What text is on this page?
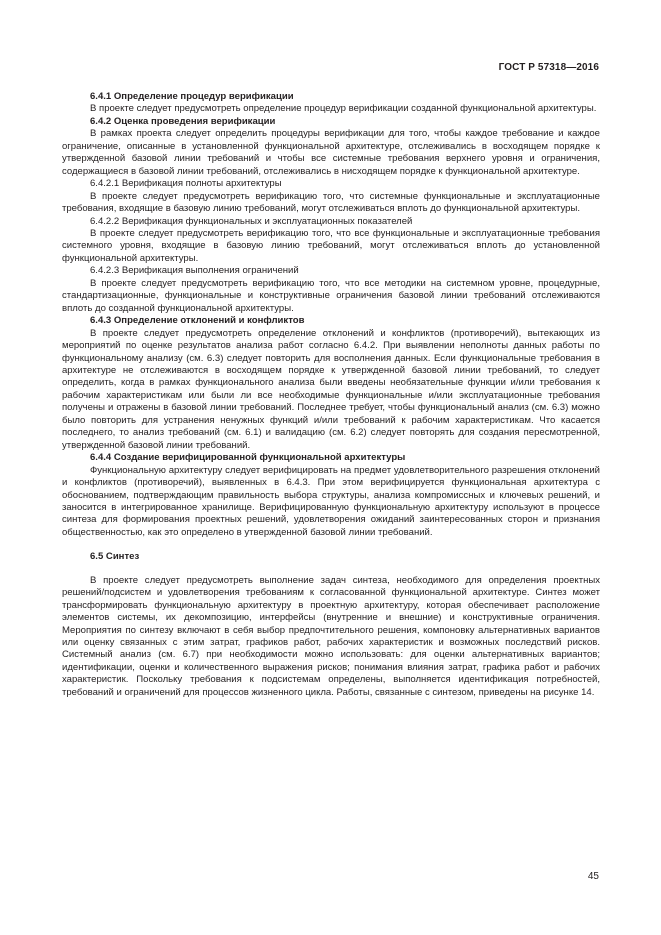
ГОСТ Р 57318—2016

6.4.1 Определение процедур верификации

В проекте следует предусмотреть определение процедур верификации созданной функциональной архитектуры.

6.4.2 Оценка проведения верификации

В рамках проекта следует определить процедуры верификации для того, чтобы каждое требование и каждое ограничение, описанные в установленной функциональной архитектуре, отслеживались в восходящем порядке к утвержденной базовой линии требований и чтобы все системные требования верхнего уровня и ограничения, содержащиеся в базовой линии требований, отслеживались в нисходящем порядке к функциональной архитектуре.

6.4.2.1 Верификация полноты архитектуры

В проекте следует предусмотреть верификацию того, что системные функциональные и эксплуатационные требования, входящие в базовую линию требований, могут отслеживаться вплоть до функциональной архитектуры.

6.4.2.2 Верификация функциональных и эксплуатационных показателей

В проекте следует предусмотреть верификацию того, что все функциональные и эксплуатационные требования системного уровня, входящие в базовую линию требований, могут отслеживаться вплоть до установленной функциональной архитектуры.

6.4.2.3 Верификация выполнения ограничений

В проекте следует предусмотреть верификацию того, что все методики на системном уровне, процедурные, стандартизационные, функциональные и конструктивные ограничения базовой линии требований отслеживаются вплоть до созданной функциональной архитектуры.

6.4.3 Определение отклонений и конфликтов

В проекте следует предусмотреть определение отклонений и конфликтов (противоречий), вытекающих из мероприятий по оценке результатов анализа работ согласно 6.4.2. При выявлении неполноты данных работы по функциональному анализу (см. 6.3) следует повторить для восполнения данных. Если функциональные требования в архитектуре не отслеживаются в восходящем порядке к утвержденной базовой линии требований, то следует определить, когда в рамках функционального анализа были введены необязательные функции и/или требования к рабочим характеристикам или были ли все необходимые функциональные и/или эксплуатационные требования получены и отражены в базовой линии требований. Последнее требует, чтобы функциональный анализ (см. 6.3) можно было повторить для устранения ненужных функций и/или требований к рабочим характеристикам. Что касается последнего, то анализ требований (см. 6.1) и валидацию (см. 6.2) следует повторять для создания пересмотренной, утвержденной базовой линии требований.

6.4.4 Создание верифицированной функциональной архитектуры

Функциональную архитектуру следует верифицировать на предмет удовлетворительного разрешения отклонений и конфликтов (противоречий), выявленных в 6.4.3. При этом верифицируется функциональная архитектура с обоснованием, подтверждающим правильность выбора структуры, анализа компромиссных и ключевых решений, и заносится в интегрированное хранилище. Верифицированную функциональную архитектуру используют в процессе синтеза для формирования проектных решений, удовлетворения ожиданий заинтересованных сторон и признания общественностью, как это определено в утвержденной базовой линии требований.

6.5 Синтез

В проекте следует предусмотреть выполнение задач синтеза, необходимого для определения проектных решений/подсистем и удовлетворения требованиям к согласованной функциональной архитектуре. Синтез может трансформировать функциональную архитектуру в проектную архитектуру, которая обеспечивает расположение элементов системы, их декомпозицию, интерфейсы (внутренние и внешние) и конструктивные ограничения. Мероприятия по синтезу включают в себя выбор предпочтительного решения, компоновку альтернативных вариантов или оценку связанных с этим затрат, графиков работ, рабочих характеристик и возможных последствий рисков. Системный анализ (см. 6.7) при необходимости можно использовать: для оценки альтернативных вариантов; идентификации, оценки и количественного выражения рисков; понимания влияния затрат, графика работ и рабочих характеристик. Поскольку требования к подсистемам определены, выполняется идентификация потребностей, требований и ограничений для процессов жизненного цикла. Работы, связанные с синтезом, приведены на рисунке 14.

45
